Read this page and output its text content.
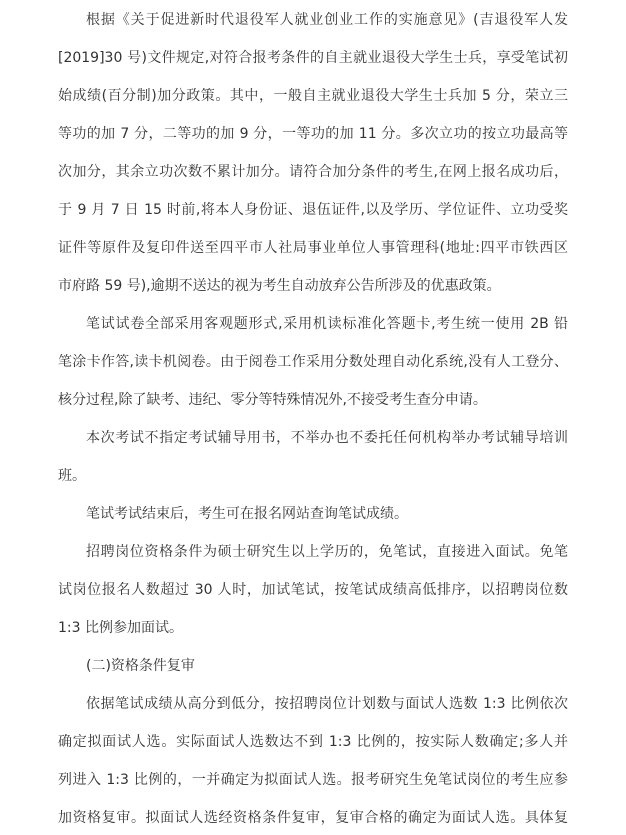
根据《关于促进新时代退役军人就业创业工作的实施意见》(吉退役军人发
[2019]30 号)文件规定,对符合报考条件的自主就业退役大学生士兵，享受笔试初
始成绩(百分制)加分政策。其中，一般自主就业退役大学生士兵加 5 分，荣立三
等功的加 7 分，二等功的加 9 分，一等功的加 11 分。多次立功的按立功最高等
次加分，其余立功次数不累计加分。请符合加分条件的考生,在网上报名成功后，
于 9 月 7 日 15 时前,将本人身份证、退伍证件,以及学历、学位证件、立功受奖
证件等原件及复印件送至四平市人社局事业单位人事管理科(地址:四平市铁西区
市府路 59 号),逾期不送达的视为考生自动放弃公告所涉及的优惠政策。
笔试试卷全部采用客观题形式,采用机读标准化答题卡,考生统一使用 2B 铅
笔涂卡作答,读卡机阅卷。由于阅卷工作采用分数处理自动化系统,没有人工登分、
核分过程,除了缺考、违纪、零分等特殊情况外,不接受考生查分申请。
本次考试不指定考试辅导用书，不举办也不委托任何机构举办考试辅导培训
班。
笔试考试结束后，考生可在报名网站查询笔试成绩。
招聘岗位资格条件为硕士研究生以上学历的，免笔试，直接进入面试。免笔
试岗位报名人数超过 30 人时，加试笔试，按笔试成绩高低排序，以招聘岗位数
1:3 比例参加面试。
(二)资格条件复审
依据笔试成绩从高分到低分，按招聘岗位计划数与面试人选数 1:3 比例依次
确定拟面试人选。实际面试人选数达不到 1:3 比例的，按实际人数确定;多人并
列进入 1:3 比例的，一并确定为拟面试人选。报考研究生免笔试岗位的考生应参
加资格复审。拟面试人选经资格条件复审，复审合格的确定为面试人选。具体复
